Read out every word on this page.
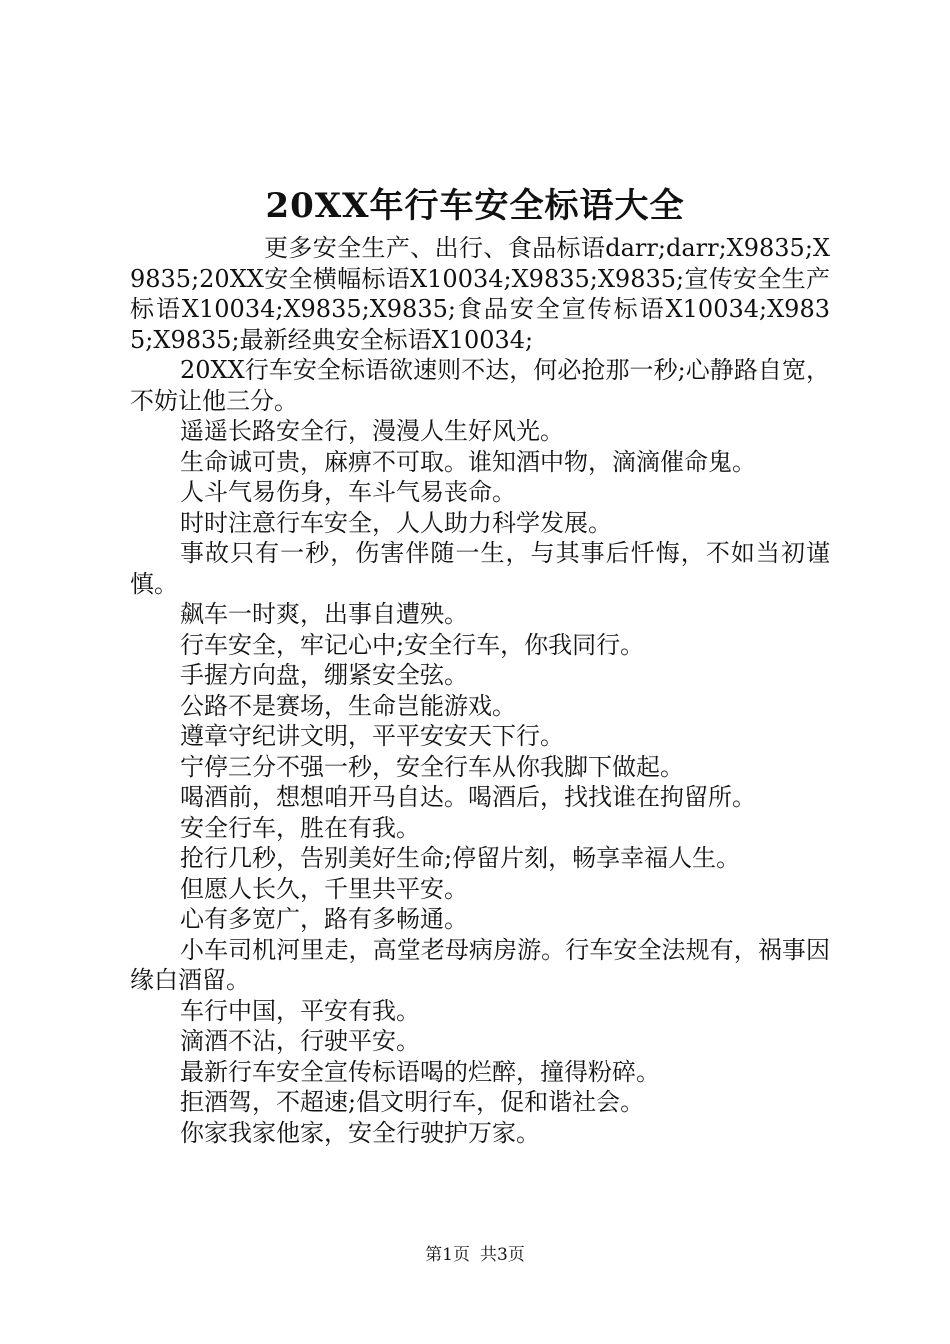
20XX年行车安全标语大全

更多安全生产、出行、食品标语darr;darr;X9835;X9835;20XX安全横幅标语X10034;X9835;X9835;宣传安全生产标语X10034;X9835;X9835;食品安全宣传标语X10034;X9835;X9835;最新经典安全标语X10034;

20XX行车安全标语欲速则不达，何必抢那一秒;心静路自宽，不妨让他三分。

遥遥长路安全行，漫漫人生好风光。

生命诚可贵，麻痹不可取。谁知酒中物，滴滴催命鬼。

人斗气易伤身，车斗气易丧命。

时时注意行车安全，人人助力科学发展。

事故只有一秒，伤害伴随一生，与其事后忏悔，不如当初谨慎。

飙车一时爽，出事自遭殃。

行车安全，牢记心中;安全行车，你我同行。

手握方向盘，绷紧安全弦。

公路不是赛场，生命岂能游戏。

遵章守纪讲文明，平平安安天下行。

宁停三分不强一秒，安全行车从你我脚下做起。

喝酒前，想想咱开马自达。喝酒后，找找谁在拘留所。

安全行车，胜在有我。

抢行几秒，告别美好生命;停留片刻，畅享幸福人生。

但愿人长久，千里共平安。

心有多宽广，路有多畅通。

小车司机河里走，高堂老母病房游。行车安全法规有，祸事因缘白酒留。

车行中国，平安有我。

滴酒不沾，行驶平安。

最新行车安全宣传标语喝的烂醉，撞得粉碎。

拒酒驾，不超速;倡文明行车，促和谐社会。

你家我家他家，安全行驶护万家。

第1页 共3页
